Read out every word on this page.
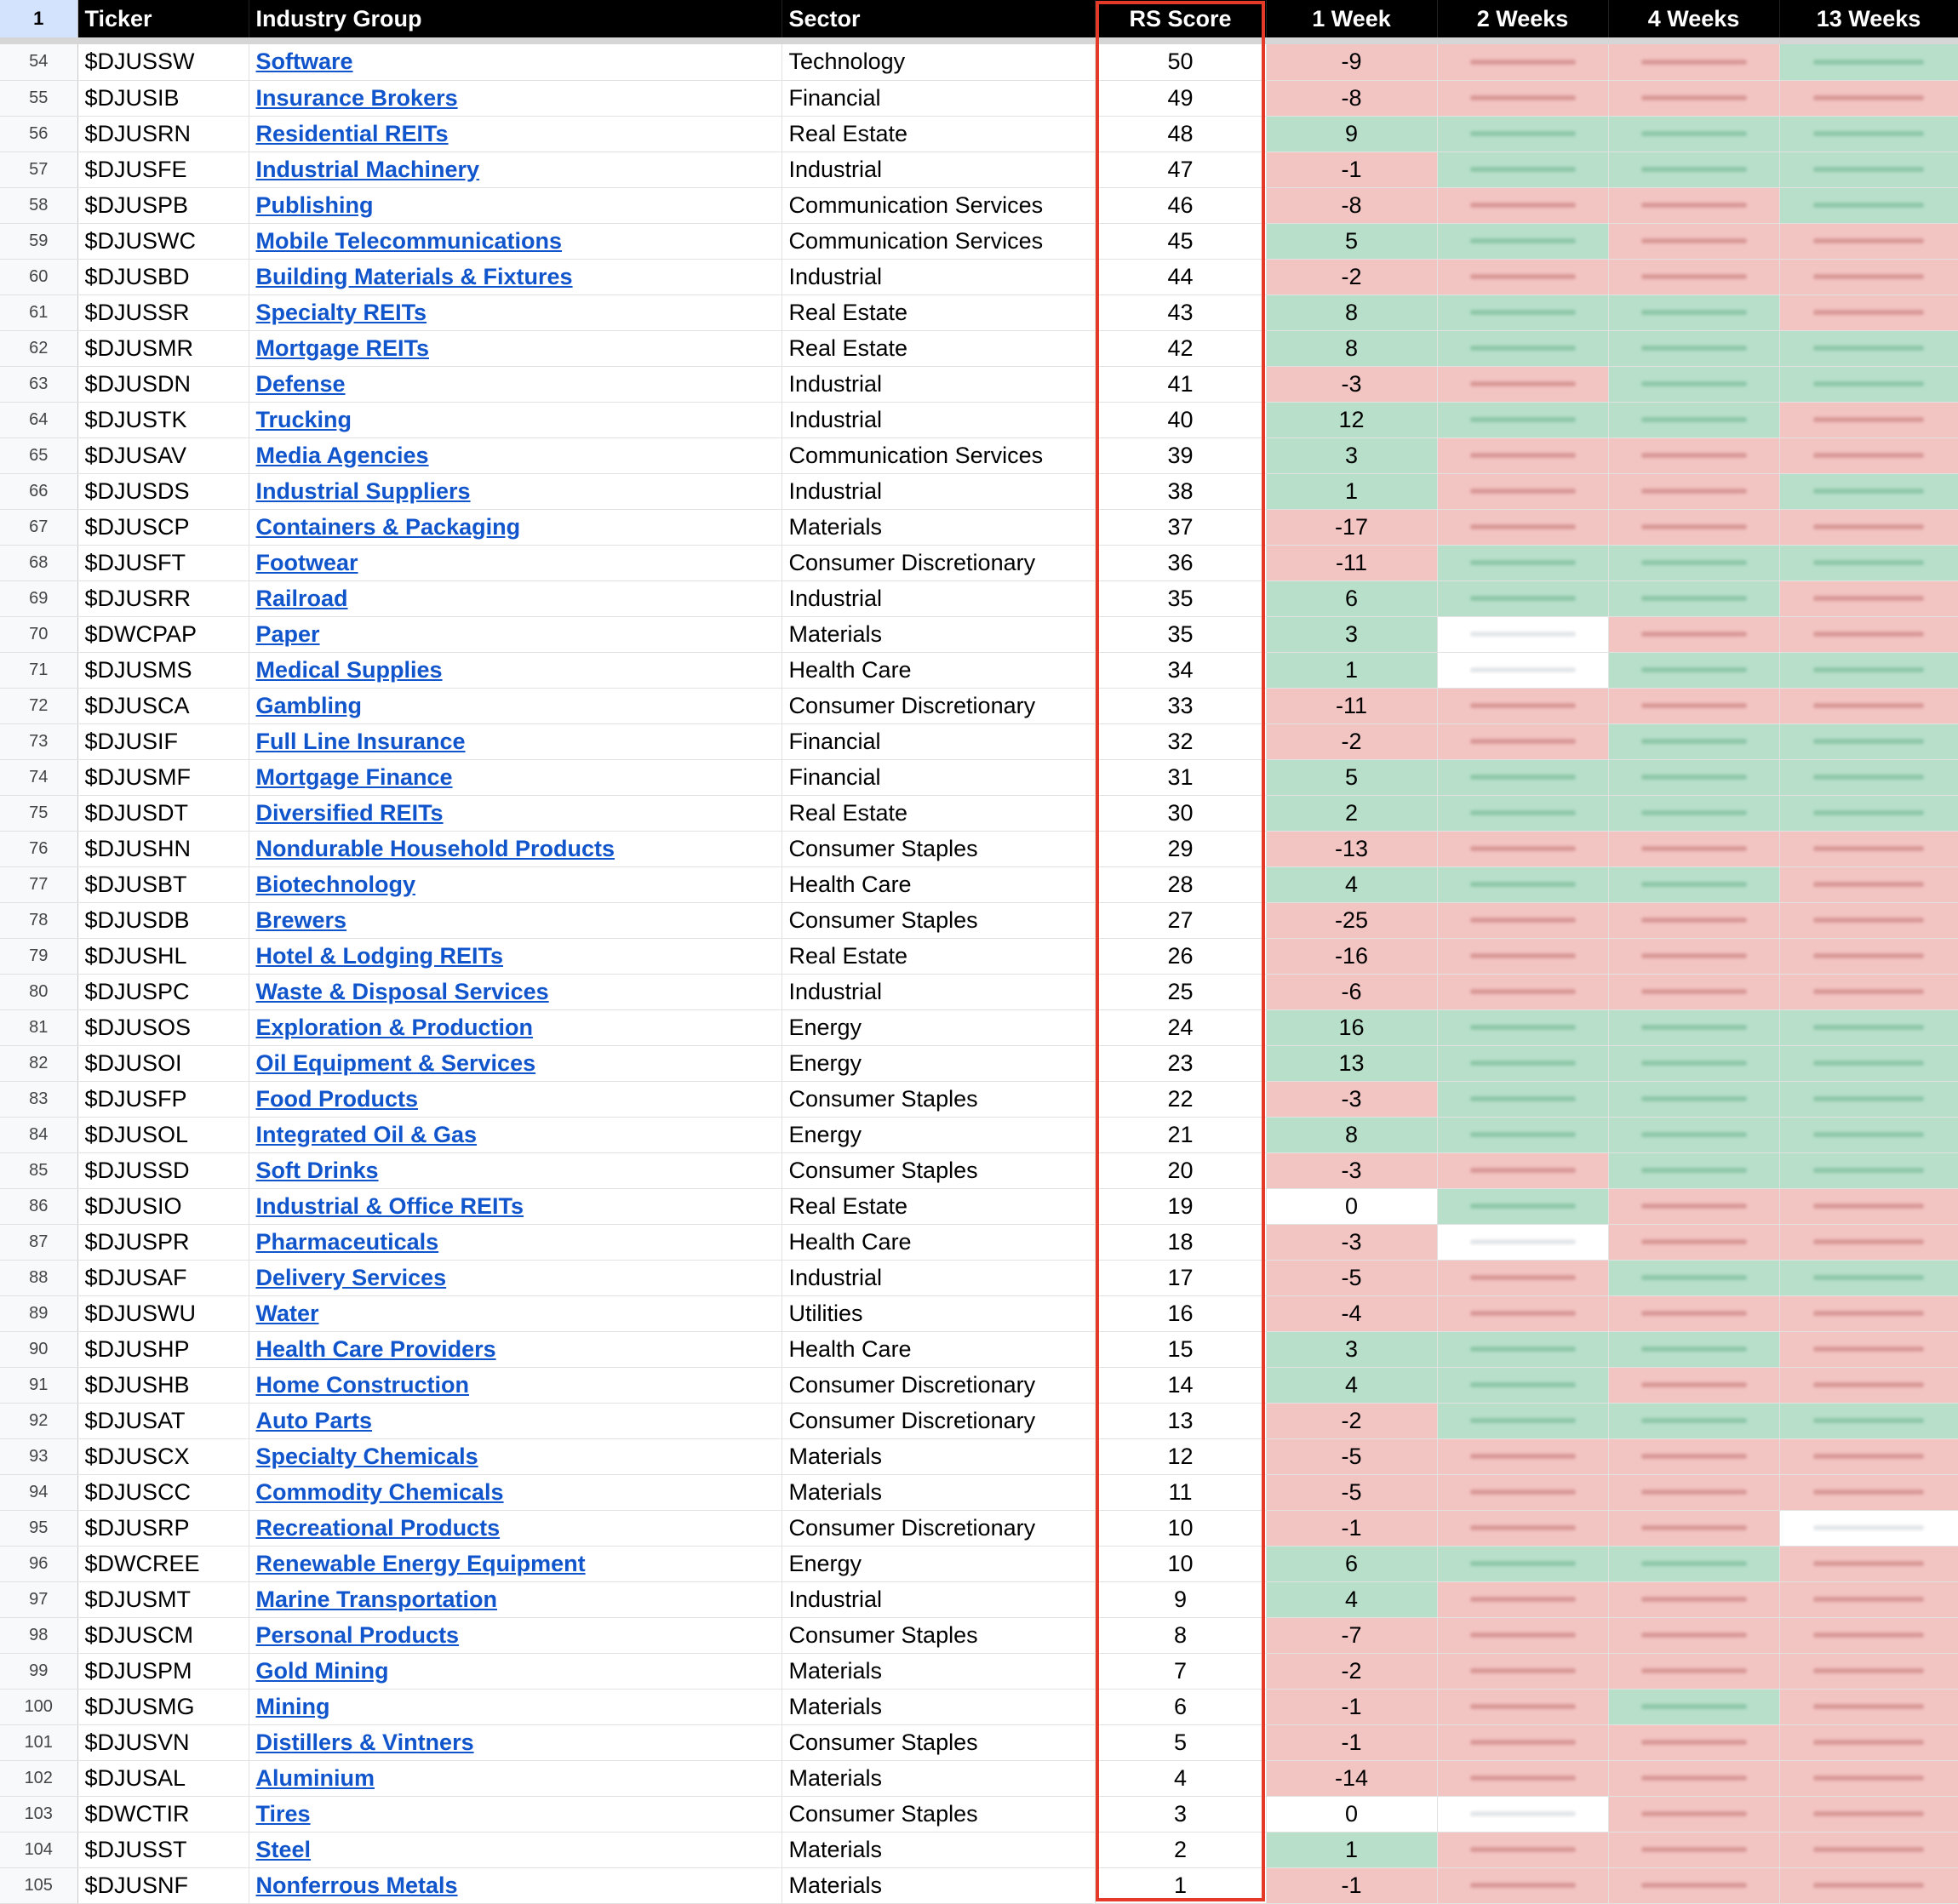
1	Ticker	Industry Group	Sector	RS Score	1 Week	2 Weeks	4 Weeks	13 Weeks

54	$DJUSSW	Software	Technology	50	-9	

55	$DJUSIB	Insurance Brokers	Financial	49	-8	

56	$DJUSRN	Residential REITs	Real Estate	48	9	

57	$DJUSFE	Industrial Machinery	Industrial	47	-1	

58	$DJUSPB	Publishing	Communication Services	46	-8	

59	$DJUSWC	Mobile Telecommunications	Communication Services	45	5	

60	$DJUSBD	Building Materials & Fixtures	Industrial	44	-2	

61	$DJUSSR	Specialty REITs	Real Estate	43	8	

62	$DJUSMR	Mortgage REITs	Real Estate	42	8	

63	$DJUSDN	Defense	Industrial	41	-3	

64	$DJUSTK	Trucking	Industrial	40	12	

65	$DJUSAV	Media Agencies	Communication Services	39	3	

66	$DJUSDS	Industrial Suppliers	Industrial	38	1	

67	$DJUSCP	Containers & Packaging	Materials	37	-17	

68	$DJUSFT	Footwear	Consumer Discretionary	36	-11	

69	$DJUSRR	Railroad	Industrial	35	6	

70	$DWCPAP	Paper	Materials	35	3	

71	$DJUSMS	Medical Supplies	Health Care	34	1	

72	$DJUSCA	Gambling	Consumer Discretionary	33	-11	

73	$DJUSIF	Full Line Insurance	Financial	32	-2	

74	$DJUSMF	Mortgage Finance	Financial	31	5	

75	$DJUSDT	Diversified REITs	Real Estate	30	2	

76	$DJUSHN	Nondurable Household Products	Consumer Staples	29	-13	

77	$DJUSBT	Biotechnology	Health Care	28	4	

78	$DJUSDB	Brewers	Consumer Staples	27	-25	

79	$DJUSHL	Hotel & Lodging REITs	Real Estate	26	-16	

80	$DJUSPC	Waste & Disposal Services	Industrial	25	-6	

81	$DJUSOS	Exploration & Production	Energy	24	16	

82	$DJUSOI	Oil Equipment & Services	Energy	23	13	

83	$DJUSFP	Food Products	Consumer Staples	22	-3	

84	$DJUSOL	Integrated Oil & Gas	Energy	21	8	

85	$DJUSSD	Soft Drinks	Consumer Staples	20	-3	

86	$DJUSIO	Industrial & Office REITs	Real Estate	19	0	

87	$DJUSPR	Pharmaceuticals	Health Care	18	-3	

88	$DJUSAF	Delivery Services	Industrial	17	-5	

89	$DJUSWU	Water	Utilities	16	-4	

90	$DJUSHP	Health Care Providers	Health Care	15	3	

91	$DJUSHB	Home Construction	Consumer Discretionary	14	4	

92	$DJUSAT	Auto Parts	Consumer Discretionary	13	-2	

93	$DJUSCX	Specialty Chemicals	Materials	12	-5	

94	$DJUSCC	Commodity Chemicals	Materials	11	-5	

95	$DJUSRP	Recreational Products	Consumer Discretionary	10	-1	

96	$DWCREE	Renewable Energy Equipment	Energy	10	6	

97	$DJUSMT	Marine Transportation	Industrial	9	4	

98	$DJUSCM	Personal Products	Consumer Staples	8	-7	

99	$DJUSPM	Gold Mining	Materials	7	-2	

100	$DJUSMG	Mining	Materials	6	-1	

101	$DJUSVN	Distillers & Vintners	Consumer Staples	5	-1	

102	$DJUSAL	Aluminium	Materials	4	-14	

103	$DWCTIR	Tires	Consumer Staples	3	0	

104	$DJUSST	Steel	Materials	2	1	

105	$DJUSNF	Nonferrous Metals	Materials	1	-1	
